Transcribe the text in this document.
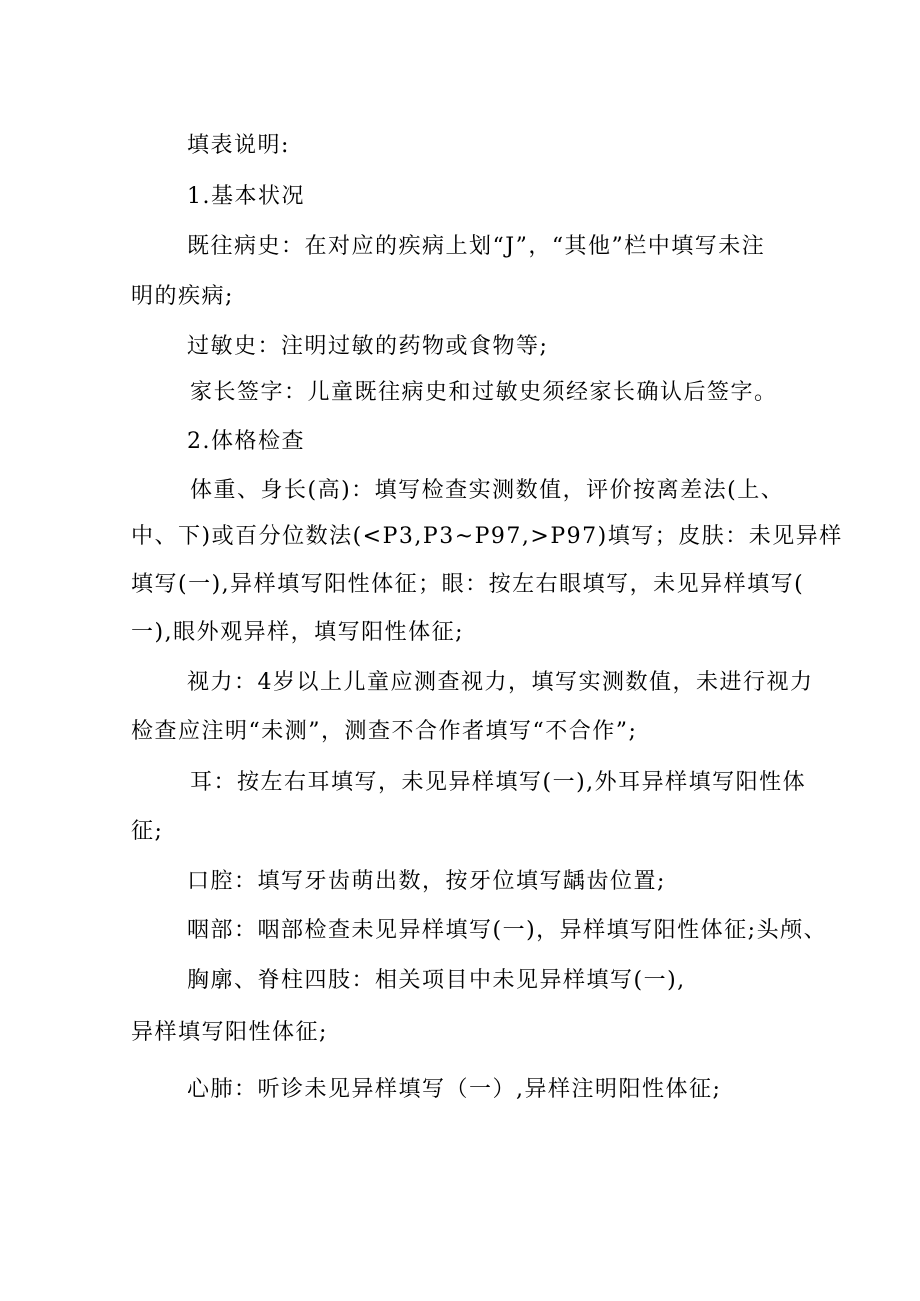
填表说明:
1.基本状况
既往病史：在对应的疾病上划“J”，“其他”栏中填写未注
明的疾病;
过敏史：注明过敏的药物或食物等;
家长签字：儿童既往病史和过敏史须经家长确认后签字。
2.体格检查
体重、身长(高)：填写检查实测数值，评价按离差法(上、
中、下)或百分位数法(<P3,P3~P97,>P97)填写；皮肤：未见异样
填写(一),异样填写阳性体征；眼：按左右眼填写，未见异样填写(
一),眼外观异样，填写阳性体征;
视力：4岁以上儿童应测查视力，填写实测数值，未进行视力
检查应注明“未测”，测查不合作者填写“不合作”;
耳：按左右耳填写，未见异样填写(一),外耳异样填写阳性体
征;
口腔：填写牙齿萌出数，按牙位填写龋齿位置;
咽部：咽部检查未见异样填写(一)，异样填写阳性体征;头颅、
胸廓、脊柱四肢：相关项目中未见异样填写(一),
异样填写阳性体征;
心肺：听诊未见异样填写（一）,异样注明阳性体征;
